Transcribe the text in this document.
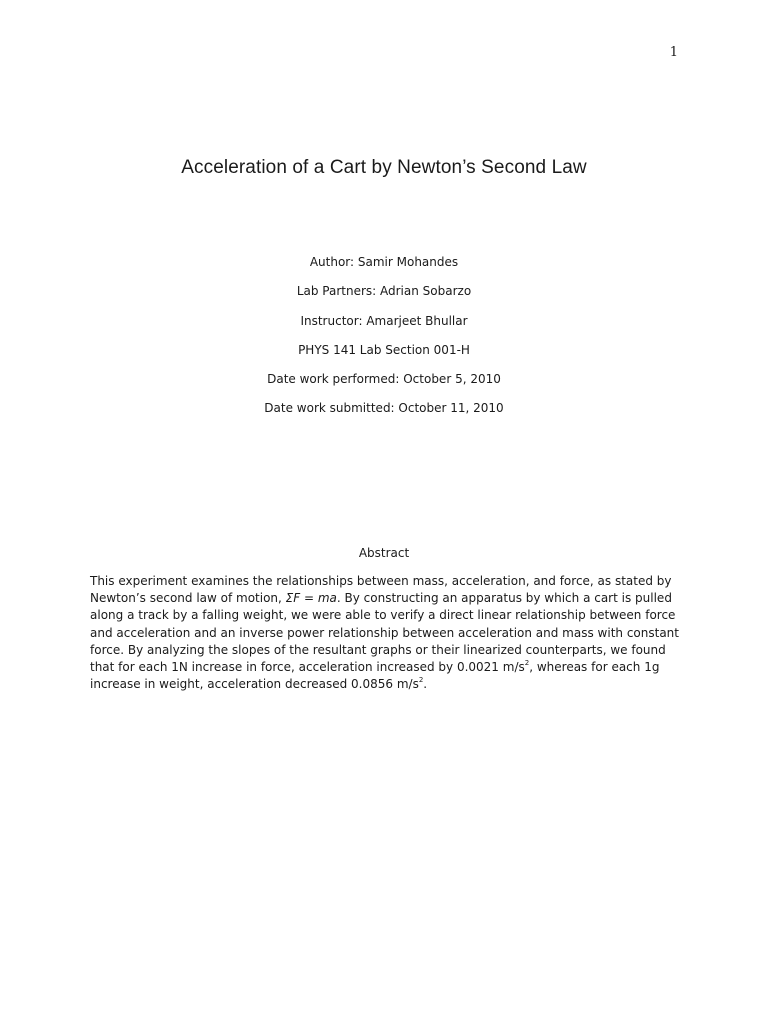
1
Acceleration of a Cart by Newton’s Second Law
Author: Samir Mohandes
Lab Partners: Adrian Sobarzo
Instructor: Amarjeet Bhullar
PHYS 141 Lab Section 001-H
Date work performed: October 5, 2010
Date work submitted: October 11, 2010
Abstract

This experiment examines the relationships between mass, acceleration, and force, as stated by Newton’s second law of motion, ΣF = ma. By constructing an apparatus by which a cart is pulled along a track by a falling weight, we were able to verify a direct linear relationship between force and acceleration and an inverse power relationship between acceleration and mass with constant force. By analyzing the slopes of the resultant graphs or their linearized counterparts, we found that for each 1N increase in force, acceleration increased by 0.0021 $m/s^2$, whereas for each 1g increase in weight, acceleration decreased 0.0856 $m/s^2$.
